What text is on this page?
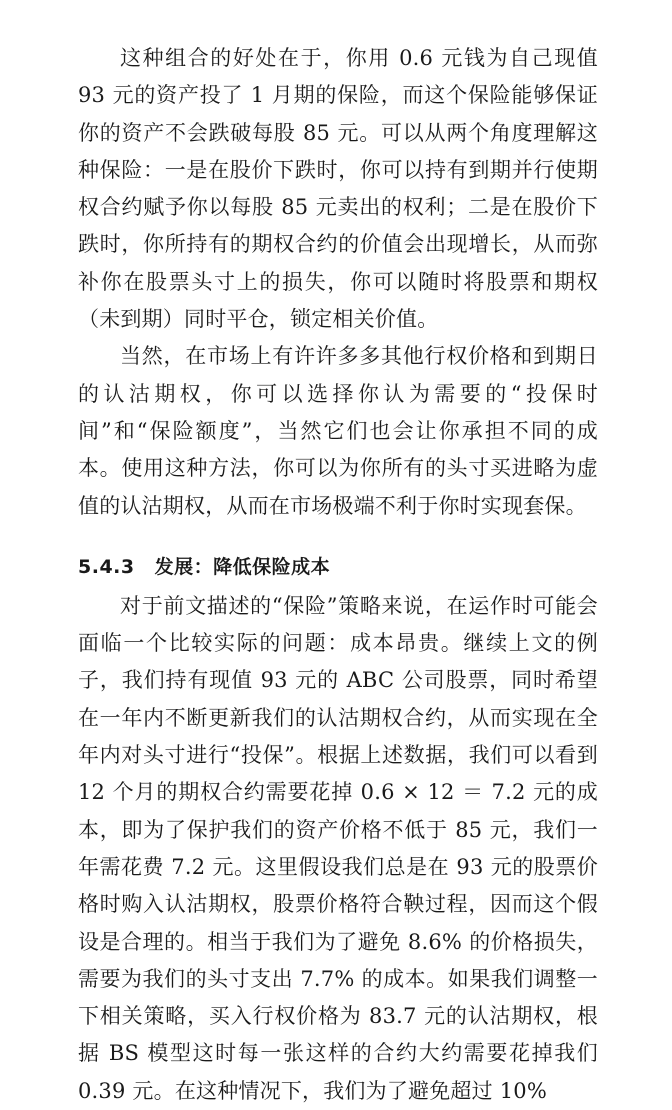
这种组合的好处在于，你用 0.6 元钱为自己现值 93 元的资产投了 1 月期的保险，而这个保险能够保证你的资产不会跌破每股 85 元。可以从两个角度理解这种保险：一是在股价下跌时，你可以持有到期并行使期权合约赋予你以每股 85 元卖出的权利；二是在股价下跌时，你所持有的期权合约的价值会出现增长，从而弥补你在股票头寸上的损失，你可以随时将股票和期权（未到期）同时平仓，锁定相关价值。

当然，在市场上有许许多多其他行权价格和到期日的认沽期权，你可以选择你认为需要的“投保时间”和“保险额度”，当然它们也会让你承担不同的成本。使用这种方法，你可以为你所有的头寸买进略为虚值的认沽期权，从而在市场极端不利于你时实现套保。

5.4.3 发展：降低保险成本

对于前文描述的“保险”策略来说，在运作时可能会面临一个比较实际的问题：成本昂贵。继续上文的例子，我们持有现值 93 元的 ABC 公司股票，同时希望在一年内不断更新我们的认沽期权合约，从而实现在全年内对头寸进行“投保”。根据上述数据，我们可以看到 12 个月的期权合约需要花掉 0.6 × 12 ＝ 7.2 元的成本，即为了保护我们的资产价格不低于 85 元，我们一年需花费 7.2 元。这里假设我们总是在 93 元的股票价格时购入认沽期权，股票价格符合鞅过程，因而这个假设是合理的。相当于我们为了避免 8.6% 的价格损失，需要为我们的头寸支出 7.7% 的成本。如果我们调整一下相关策略，买入行权价格为 83.7 元的认沽期权，根据 BS 模型这时每一张这样的合约大约需要花掉我们 0.39 元。在这种情况下，我们为了避免超过 10%
